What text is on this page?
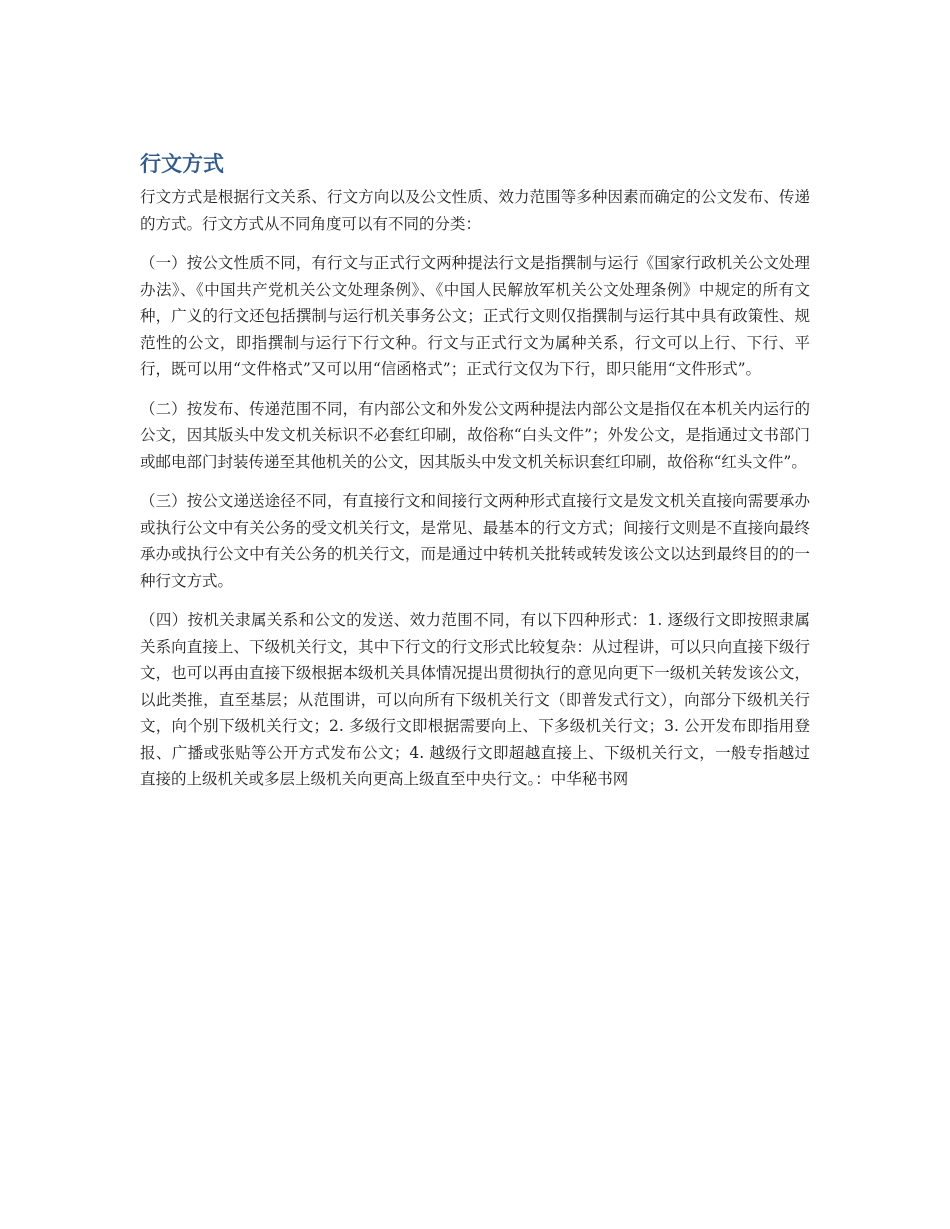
行文方式

行文方式是根据行文关系、行文方向以及公文性质、效力范围等多种因素而确定的公文发布、传递的方式。行文方式从不同角度可以有不同的分类：

（一）按公文性质不同，有行文与正式行文两种提法行文是指撰制与运行《国家行政机关公文处理办法》、《中国共产党机关公文处理条例》、《中国人民解放军机关公文处理条例》中规定的所有文种，广义的行文还包括撰制与运行机关事务公文；正式行文则仅指撰制与运行其中具有政策性、规范性的公文，即指撰制与运行下行文种。行文与正式行文为属种关系，行文可以上行、下行、平行，既可以用“文件格式”又可以用“信函格式”；正式行文仅为下行，即只能用“文件形式”。

（二）按发布、传递范围不同，有内部公文和外发公文两种提法内部公文是指仅在本机关内运行的公文，因其版头中发文机关标识不必套红印刷，故俗称“白头文件”；外发公文，是指通过文书部门或邮电部门封装传递至其他机关的公文，因其版头中发文机关标识套红印刷，故俗称“红头文件”。

（三）按公文递送途径不同，有直接行文和间接行文两种形式直接行文是发文机关直接向需要承办或执行公文中有关公务的受文机关行文，是常见、最基本的行文方式；间接行文则是不直接向最终承办或执行公文中有关公务的机关行文，而是通过中转机关批转或转发该公文以达到最终目的的一种行文方式。

（四）按机关隶属关系和公文的发送、效力范围不同，有以下四种形式：1. 逐级行文即按照隶属关系向直接上、下级机关行文，其中下行文的行文形式比较复杂：从过程讲，可以只向直接下级行文，也可以再由直接下级根据本级机关具体情况提出贯彻执行的意见向更下一级机关转发该公文，以此类推，直至基层；从范围讲，可以向所有下级机关行文（即普发式行文），向部分下级机关行文，向个别下级机关行文；2. 多级行文即根据需要向上、下多级机关行文；3. 公开发布即指用登报、广播或张贴等公开方式发布公文；4. 越级行文即超越直接上、下级机关行文，一般专指越过直接的上级机关或多层上级机关向更高上级直至中央行文。：中华秘书网
